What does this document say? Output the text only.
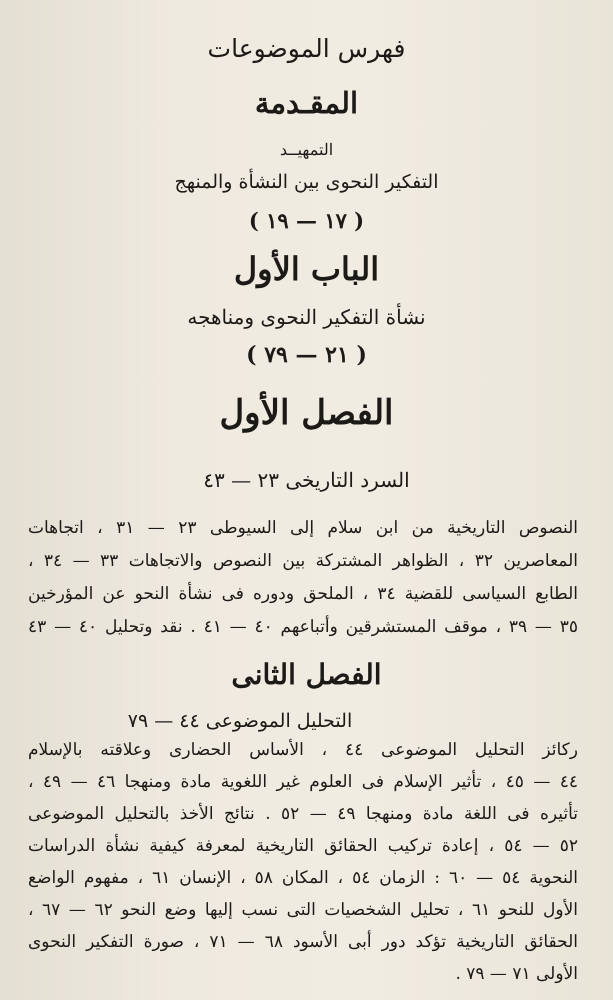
فهرس الموضوعات
المقـدمة
التمهيــد
التفكير النحوى بين النشأة والمنهج
( ١٧ — ١٩ )
الباب الأول
نشأة التفكير النحوى ومناهجه
( ٢١ — ٧٩ )
الفصل الأول
السرد التاريخى ٢٣ — ٤٣
النصوص التاريخية من ابن سلام إلى السيوطى ٢٣ — ٣١ ، اتجاهات
المعاصرين ٣٢ ، الظواهر المشتركة بين النصوص والاتجاهات ٣٣ — ٣٤ ،
الطابع السياسى للقضية ٣٤ ، الملحق ودوره فى نشأة النحو عن المؤرخين
٣٥ — ٣٩ ، موقف المستشرقين وأتباعهم ٤٠ — ٤١ . نقد وتحليل ٤٠ — ٤٣
الفصل الثانى
التحليل الموضوعى ٤٤ — ٧٩
ركائز التحليل الموضوعى ٤٤ ، الأساس الحضارى وعلاقته بالإسلام
٤٤ — ٤٥ ، تأثير الإسلام فى العلوم غير اللغوية مادة ومنهجا ٤٦ — ٤٩ ،
تأثيره فى اللغة مادة ومنهجا ٤٩ — ٥٢ . نتائج الأخذ بالتحليل الموضوعى
٥٢ — ٥٤ ، إعادة تركيب الحقائق التاريخية لمعرفة كيفية نشأة الدراسات
النحوية ٥٤ — ٦٠ : الزمان ٥٤ ، المكان ٥٨ ، الإنسان ٦١ ، مفهوم الواضع
الأول للنحو ٦١ ، تحليل الشخصيات التى نسب إليها وضع النحو ٦٢ — ٦٧ ،
الحقائق التاريخية تؤكد دور أبى الأسود ٦٨ — ٧١ ، صورة التفكير النحوى
الأولى ٧١ — ٧٩ .
